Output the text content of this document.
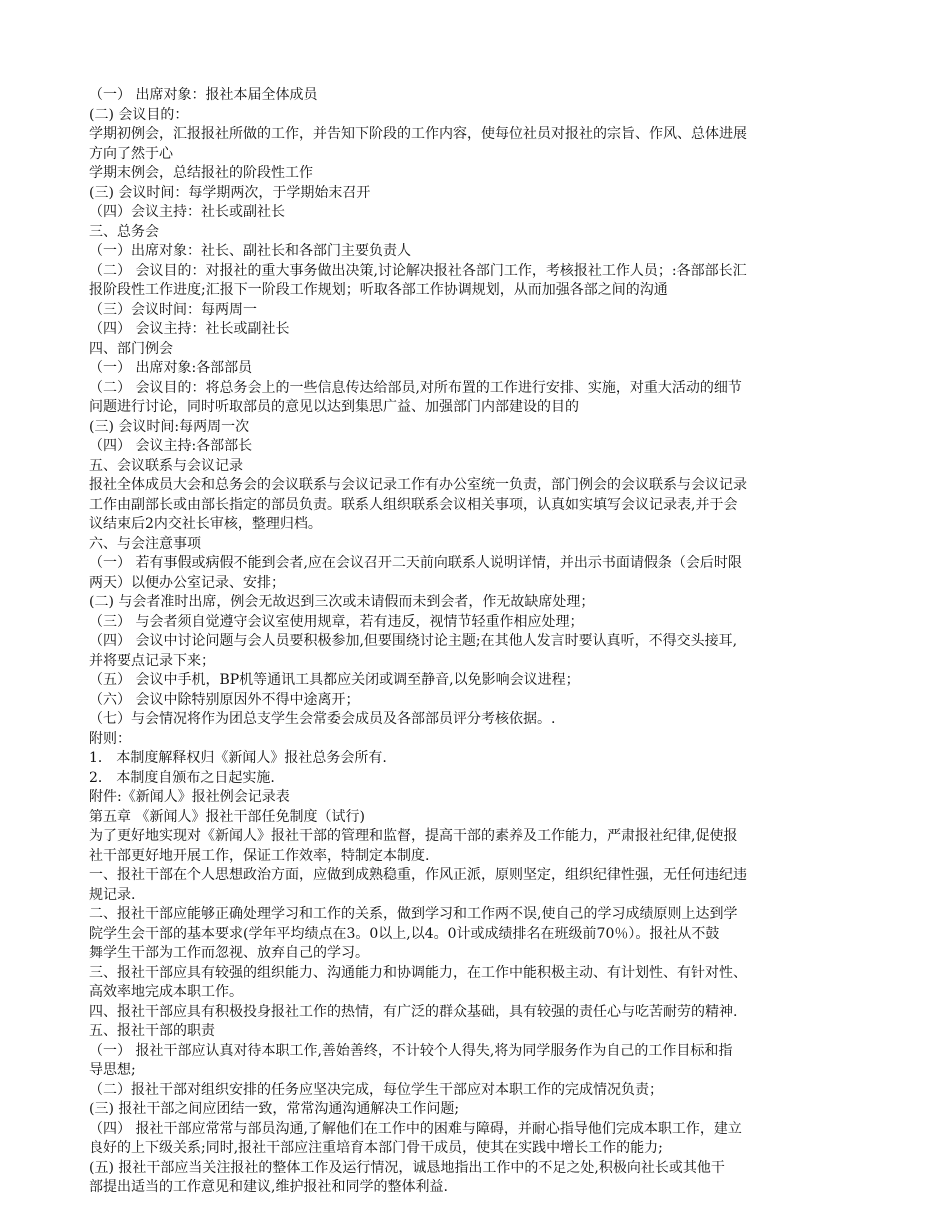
（一） 出席对象：报社本届全体成员
(二) 会议目的：
学期初例会，汇报报社所做的工作，并告知下阶段的工作内容，使每位社员对报社的宗旨、作风、总体进展
方向了然于心
学期末例会，总结报社的阶段性工作
(三) 会议时间：每学期两次，于学期始末召开
（四）会议主持：社长或副社长
三、总务会
（一）出席对象：社长、副社长和各部门主要负责人
（二） 会议目的：对报社的重大事务做出决策,讨论解决报社各部门工作，考核报社工作人员；:各部部长汇
报阶段性工作进度;汇报下一阶段工作规划；听取各部工作协调规划，从而加强各部之间的沟通
（三）会议时间：每两周一
（四） 会议主持：社长或副社长
四、部门例会
（一） 出席对象:各部部员
（二） 会议目的：将总务会上的一些信息传达给部员,对所布置的工作进行安排、实施，对重大活动的细节
问题进行讨论，同时听取部员的意见以达到集思广益、加强部门内部建设的目的
(三) 会议时间:每两周一次
（四） 会议主持:各部部长
五、会议联系与会议记录
报社全体成员大会和总务会的会议联系与会议记录工作有办公室统一负责，部门例会的会议联系与会议记录
工作由副部长或由部长指定的部员负责。联系人组织联系会议相关事项，认真如实填写会议记录表,并于会
议结束后2内交社长审核，整理归档。
六、与会注意事项
（一） 若有事假或病假不能到会者,应在会议召开二天前向联系人说明详情，并出示书面请假条（会后时限
两天）以便办公室记录、安排；
(二) 与会者准时出席，例会无故迟到三次或未请假而未到会者，作无故缺席处理；
（三） 与会者须自觉遵守会议室使用规章，若有违反，视情节轻重作相应处理；
（四） 会议中讨论问题与会人员要积极参加,但要围绕讨论主题;在其他人发言时要认真听，不得交头接耳,
并将要点记录下来；
（五） 会议中手机，BP机等通讯工具都应关闭或调至静音,以免影响会议进程；
（六） 会议中除特别原因外不得中途离开；
（七）与会情况将作为团总支学生会常委会成员及各部部员评分考核依据。.
附则：
1． 本制度解释权归《新闻人》报社总务会所有.
2． 本制度自颁布之日起实施.
附件:《新闻人》报社例会记录表
第五章 《新闻人》报社干部任免制度（试行)
为了更好地实现对《新闻人》报社干部的管理和监督，提高干部的素养及工作能力，严肃报社纪律,促使报
社干部更好地开展工作，保证工作效率，特制定本制度.
一、报社干部在个人思想政治方面，应做到成熟稳重，作风正派，原则坚定，组织纪律性强，无任何违纪违
规记录.
二、报社干部应能够正确处理学习和工作的关系，做到学习和工作两不误,使自己的学习成绩原则上达到学
院学生会干部的基本要求(学年平均绩点在3。0以上,以4。0计或成绩排名在班级前70％）。报社从不鼓
舞学生干部为工作而忽视、放弃自己的学习。
三、报社干部应具有较强的组织能力、沟通能力和协调能力，在工作中能积极主动、有计划性、有针对性、
高效率地完成本职工作。
四、报社干部应具有积极投身报社工作的热情，有广泛的群众基础，具有较强的责任心与吃苦耐劳的精神.
五、报社干部的职责
（一） 报社干部应认真对待本职工作,善始善终，不计较个人得失,将为同学服务作为自己的工作目标和指
导思想;
（二）报社干部对组织安排的任务应坚决完成，每位学生干部应对本职工作的完成情况负责；
(三) 报社干部之间应团结一致，常常沟通沟通解决工作问题;
（四） 报社干部应常常与部员沟通,了解他们在工作中的困难与障碍，并耐心指导他们完成本职工作，建立
良好的上下级关系;同时,报社干部应注重培育本部门骨干成员，使其在实践中增长工作的能力;
(五) 报社干部应当关注报社的整体工作及运行情况，诚恳地指出工作中的不足之处,积极向社长或其他干
部提出适当的工作意见和建议,维护报社和同学的整体利益.
